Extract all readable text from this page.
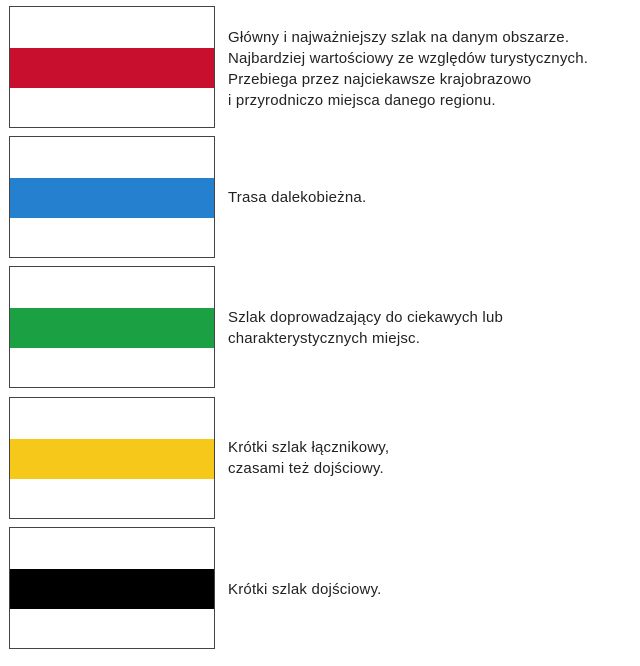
Główny i najważniejszy szlak na danym obszarze.
Najbardziej wartościowy ze względów turystycznych.
Przebiega przez najciekawsze krajobrazowo
i przyrodniczo miejsca danego regionu.
Trasa dalekobieżna.
Szlak doprowadzający do ciekawych lub
charakterystycznych miejsc.
Krótki szlak łącznikowy,
czasami też dojściowy.
Krótki szlak dojściowy.
